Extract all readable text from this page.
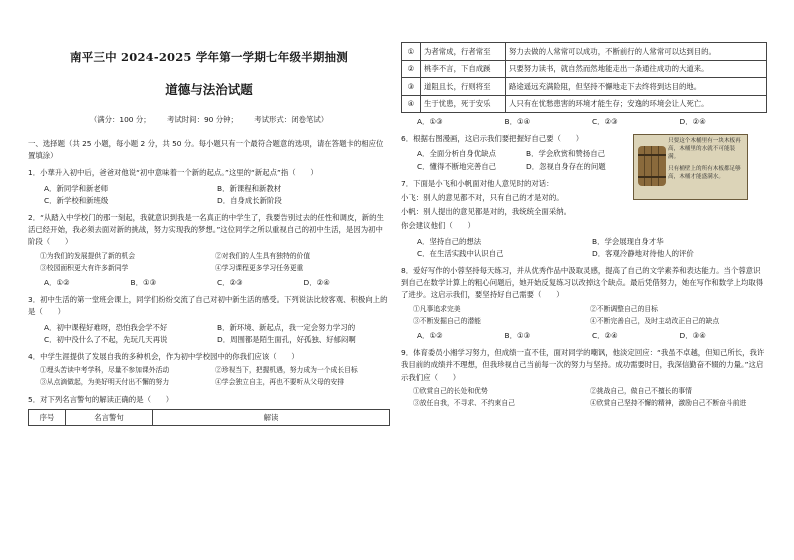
南平三中 2024-2025 学年第一学期七年级半期抽测
道德与法治试题
（满分：100 分； 考试时间：90 分钟； 考试形式：闭卷笔试）

一、选择题（共 25 小题，每小题 2 分，共 50 分。每小题只有一个最符合题意的选项，请在答题卡的相应位置填涂）

1．小華升入初中后，爸爸对他说“初中意味着一个新的起点。”这里的“新起点”指（　　）

A．新同学和新老师	B．新课程和新教材
C．新学校和新班级	D．自身成长新阶段

2．“从踏入中学校门的那一刻起，我就意识到我是一名真正的中学生了，我要告别过去的任性和调皮，新的生活已经开始，我必须去面对新的挑战，努力实现我的梦想。”这位同学之所以重视自己的初中生活，是因为初中阶段（　　）

①为我们的发展提供了新的机会	②对我们的人生具有独特的价值
③校园面积更大有许多新同学	④学习课程更多学习任务更重
A．①②	B．①③	C．②③	D．②④

3．初中生活的第一堂班会课上，同学们纷纷交流了自己对初中新生活的感受。下列说法比较客观、积极向上的是（　　）

A．初中课程好难呀，恐怕我会学不好	B．新环境、新起点，我一定会努力学习的
C．初中没什么了不起，先玩几天再说	D．周围都是陌生面孔，好孤独、好郁闷啊

4．中学生涯提供了发展自我的多种机会，作为初中学校园中的你我们应该（　　）

①埋头苦读中考学科，尽量不参加课外活动	②珍视当下，把握机遇，努力成为一个成长目标
③从点滴做起，为美好明天付出不懈的努力	④学会独立自主，再也不要听从父母的安排

5．对下列名言警句的解读正确的是（　　）

序号	名言警句	解读
①	为者常成，行者常至	努力去做的人常常可以成功，不断前行的人常常可以达到目的。
②	桃李不言，下自成蹊	只要努力读书，就自然而然地能走出一条通往成功的大道来。
③	道阻且长，行则将至	路途遥远充满险阻，但坚持不懈地走下去终将到达目的地。
④	生于忧患，死于安乐	人只有在忧愁患害的环境才能生存；安逸的环境会让人死亡。
A．①③	B．①④	C．②③	D．②④

6．根据右图漫画，这启示我们要把握好自己要（　　）

A．全面分析自身优缺点	B．学会欣赏和赞扬自己
C．懂得不断地完善自己	D．忽视自身存在的问题

7．下面是小飞和小帆面对他人意见时的对话：

小飞：别人的意见都不对，只有自己的才是对的。

小帆：别人提出的意见都是对的，我统统全面采纳。

你会建议他们（　　）

A．坚持自己的想法	B．学会展现自身才华
C．在生活实践中认识自己	D．客观冷静地对待他人的评价

8．爱好写作的小蓉坚持每天练习，并从优秀作品中汲取灵感，提高了自己的文学素养和表达能力。当个蓉意识到自己在数学计算上的粗心问题后，她开始反复练习以改掉这个缺点。最后凭借努力，她在写作和数学上均取得了进步。这启示我们，要坚持好自己需要（　　）

①凡事追求完美	②不断调整自己的目标
③不断发掘自己的潜能	④不断完善自己，及时主动改正自己的缺点
A．①②	B．①③	C．②④	D．③④

9．体育委员小湘学习努力，但成绩一直不佳，面对同学的嘲讽，他淡定回应：“我虽不卓越，但知己所长，我许我目前的成绩并不理想，但我珍视自己当前每一次的努力与坚持。成功需要时日，我深信勤奋不辍的力量。”这启示我们应（　　）

①欣赏自己的长处和优势	②挑战自己，做自己不擅长的事情
③放任自我，不寻求、不约束自己	④欣赏自己坚持不懈的精神，激励自己不断奋斗前进
只要这个木桶里有一块木板再高，木桶里的水就不可能装满。
只有桶壁上的所有木板都足够高，木桶才能盛满水。
